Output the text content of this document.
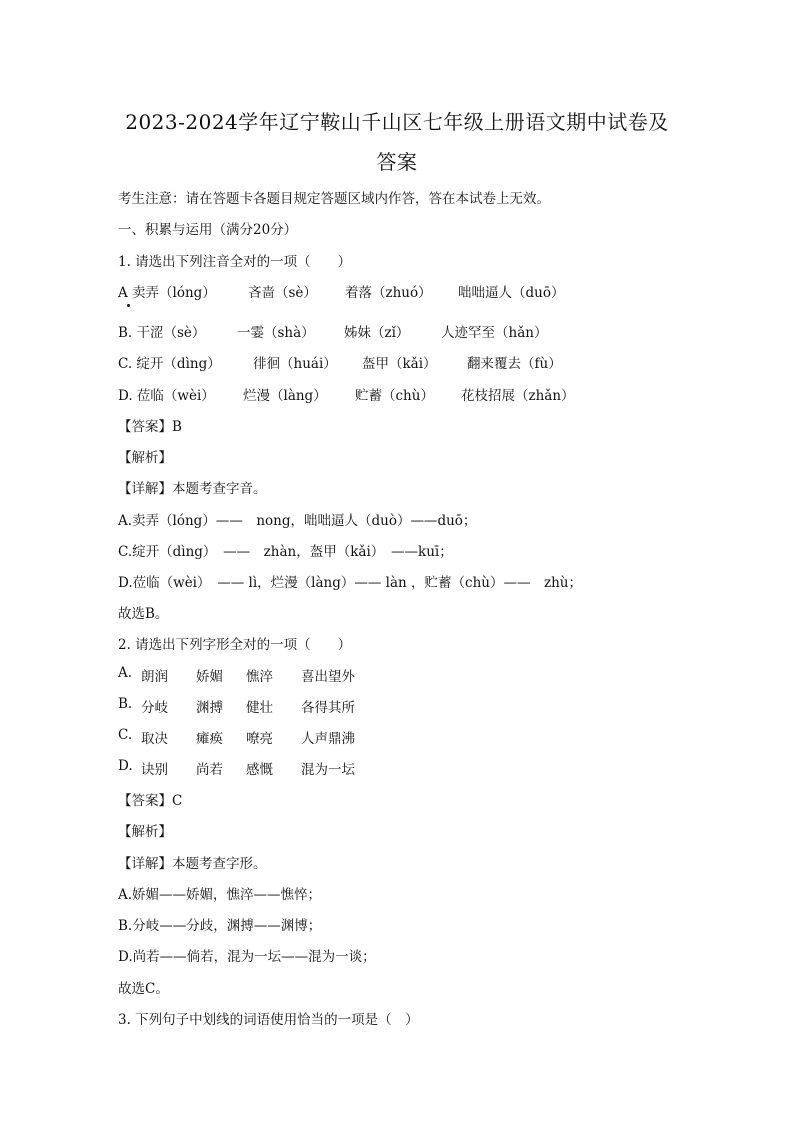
2023-2024学年辽宁鞍山千山区七年级上册语文期中试卷及
答案
考生注意：请在答题卡各题目规定答题区域内作答，答在本试卷上无效。
一、积累与运用（满分20分）
1. 请选出下列注音全对的一项（　　）
A 卖弄（lóng） 吝啬（sè） 着落（zhuó） 咄咄逼人（duō）
B. 干涩（sè） 一霎（shà） 姊妹（zǐ） 人迹罕至（hǎn）
C. 绽开（dìng） 徘徊（huái） 盔甲（kǎi） 翻来覆去（fù）
D. 莅临（wèi） 烂漫（làng） 贮蓄（chù） 花枝招展（zhǎn）
【答案】B
【解析】
【详解】本题考查字音。
A.卖弄（lóng）——　nong，咄咄逼人（duò）——duō；
C.绽开（dìng）　——　zhàn，盔甲（kǎi）　——kuī；
D.莅临（wèi）　—— lì，烂漫（làng）—— làn ，贮蓄（chù）——　zhù；
故选B。
2. 请选出下列字形全对的一项（　　）
A. 朗润 娇媚 憔淬 喜出望外
B. 分岐 渊搏 健壮 各得其所
C. 取决 瘫痪 嘹亮 人声鼎沸
D. 诀别 尚若 感慨 混为一坛
【答案】C
【解析】
【详解】本题考查字形。
A.娇媚——娇媚，憔淬——憔悴；
B.分岐——分歧，渊搏——渊博；
D.尚若——倘若，混为一坛——混为一谈；
故选C。
3. 下列句子中划线的词语使用恰当的一项是（　）
